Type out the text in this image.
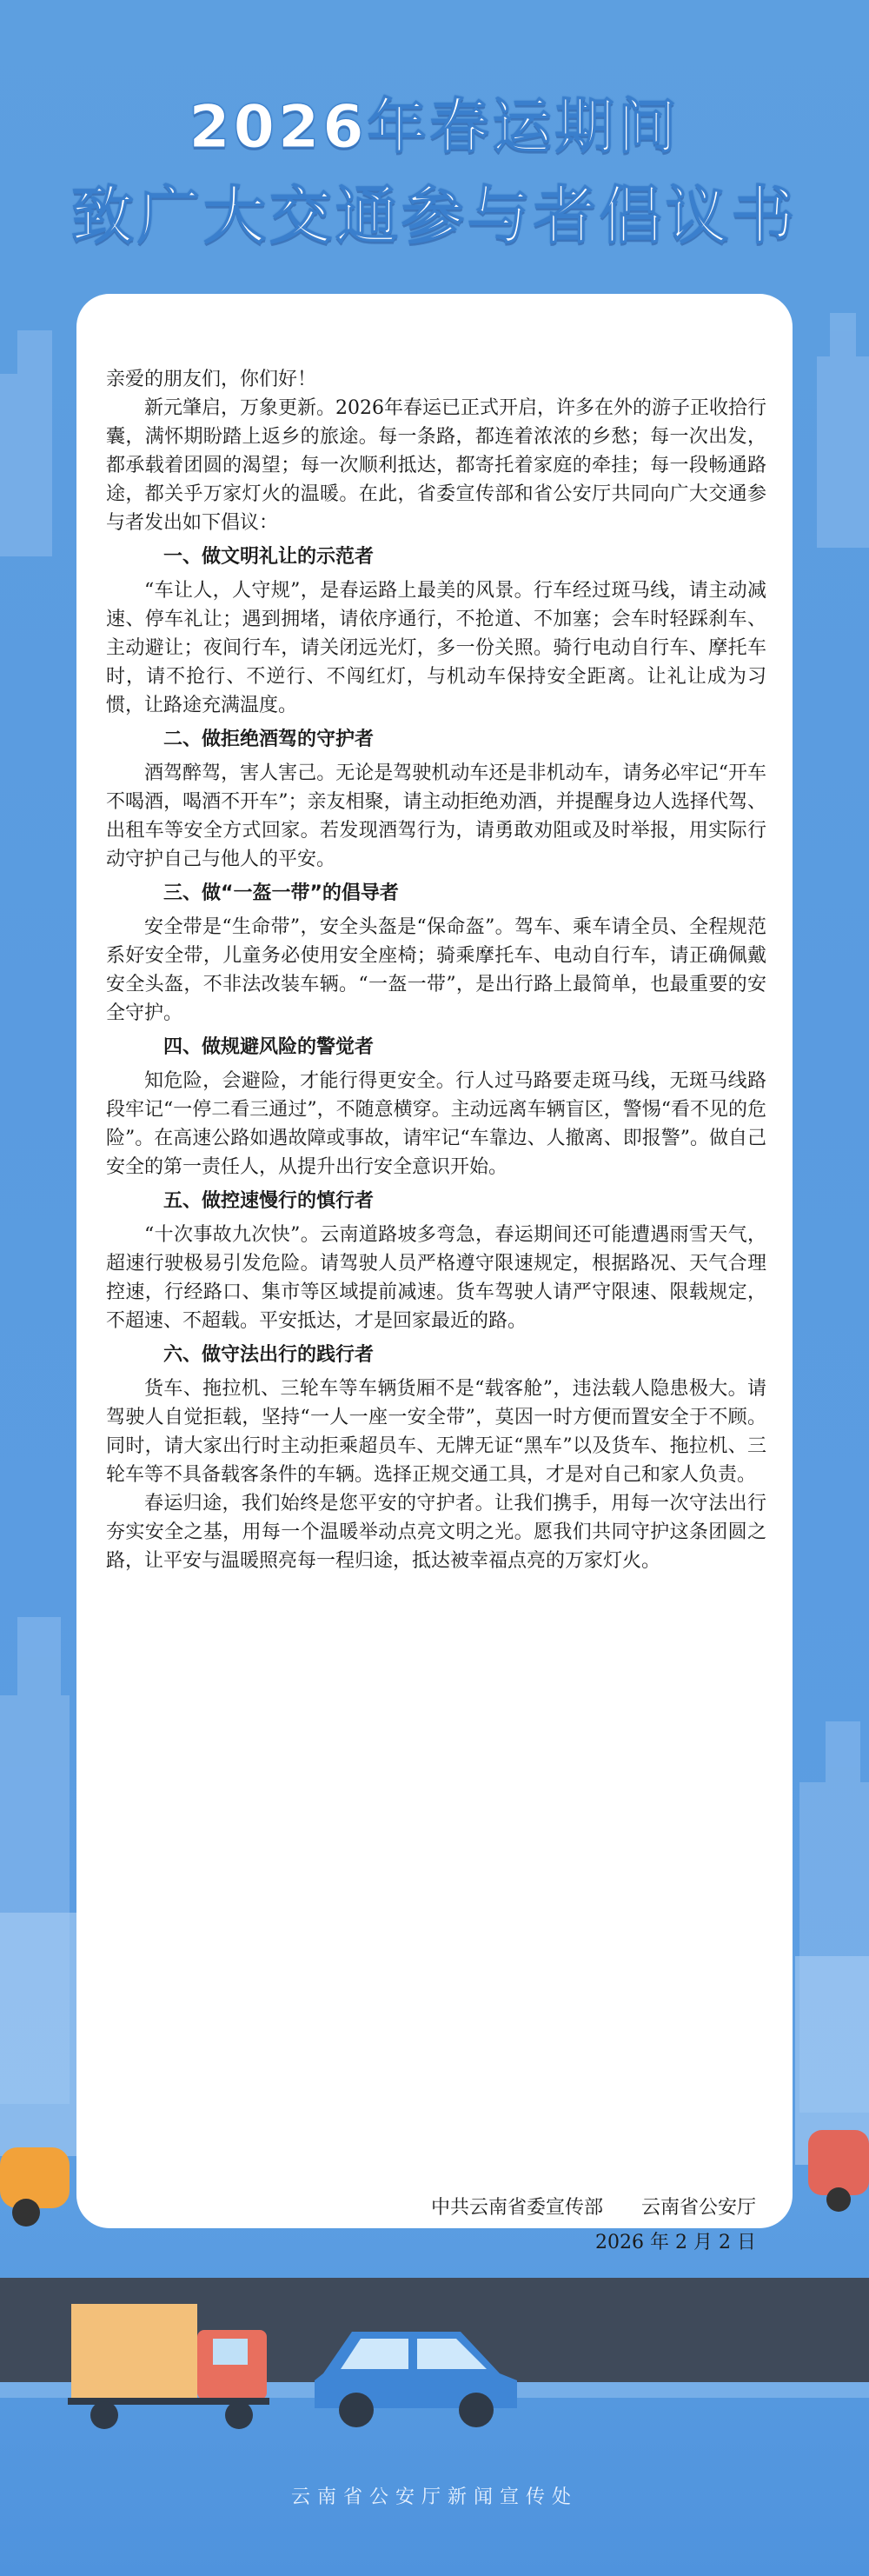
2026年春运期间
致广大交通参与者倡议书

亲爱的朋友们，你们好！

新元肇启，万象更新。2026年春运已正式开启，许多在外的游子正收拾行囊，满怀期盼踏上返乡的旅途。每一条路，都连着浓浓的乡愁；每一次出发，都承载着团圆的渴望；每一次顺利抵达，都寄托着家庭的牵挂；每一段畅通路途，都关乎万家灯火的温暖。在此，省委宣传部和省公安厅共同向广大交通参与者发出如下倡议：

一、做文明礼让的示范者

“车让人，人守规”，是春运路上最美的风景。行车经过斑马线，请主动减速、停车礼让；遇到拥堵，请依序通行，不抢道、不加塞；会车时轻踩刹车、主动避让；夜间行车，请关闭远光灯，多一份关照。骑行电动自行车、摩托车时，请不抢行、不逆行、不闯红灯，与机动车保持安全距离。让礼让成为习惯，让路途充满温度。

二、做拒绝酒驾的守护者

酒驾醉驾，害人害己。无论是驾驶机动车还是非机动车，请务必牢记“开车不喝酒，喝酒不开车”；亲友相聚，请主动拒绝劝酒，并提醒身边人选择代驾、出租车等安全方式回家。若发现酒驾行为，请勇敢劝阻或及时举报，用实际行动守护自己与他人的平安。

三、做“一盔一带”的倡导者

安全带是“生命带”，安全头盔是“保命盔”。驾车、乘车请全员、全程规范系好安全带，儿童务必使用安全座椅；骑乘摩托车、电动自行车，请正确佩戴安全头盔，不非法改装车辆。“一盔一带”，是出行路上最简单，也最重要的安全守护。

四、做规避风险的警觉者

知危险，会避险，才能行得更安全。行人过马路要走斑马线，无斑马线路段牢记“一停二看三通过”，不随意横穿。主动远离车辆盲区，警惕“看不见的危险”。在高速公路如遇故障或事故，请牢记“车靠边、人撤离、即报警”。做自己安全的第一责任人，从提升出行安全意识开始。

五、做控速慢行的慎行者

“十次事故九次快”。云南道路坡多弯急，春运期间还可能遭遇雨雪天气，超速行驶极易引发危险。请驾驶人员严格遵守限速规定，根据路况、天气合理控速，行经路口、集市等区域提前减速。货车驾驶人请严守限速、限载规定，不超速、不超载。平安抵达，才是回家最近的路。

六、做守法出行的践行者

货车、拖拉机、三轮车等车辆货厢不是“载客舱”，违法载人隐患极大。请驾驶人自觉拒载，坚持“一人一座一安全带”，莫因一时方便而置安全于不顾。同时，请大家出行时主动拒乘超员车、无牌无证“黑车”以及货车、拖拉机、三轮车等不具备载客条件的车辆。选择正规交通工具，才是对自己和家人负责。

春运归途，我们始终是您平安的守护者。让我们携手，用每一次守法出行夯实安全之基，用每一个温暖举动点亮文明之光。愿我们共同守护这条团圆之路，让平安与温暖照亮每一程归途，抵达被幸福点亮的万家灯火。

中共云南省委宣传部　　云南省公安厅
2026 年 2 月 2 日
云南省公安厅新闻宣传处
